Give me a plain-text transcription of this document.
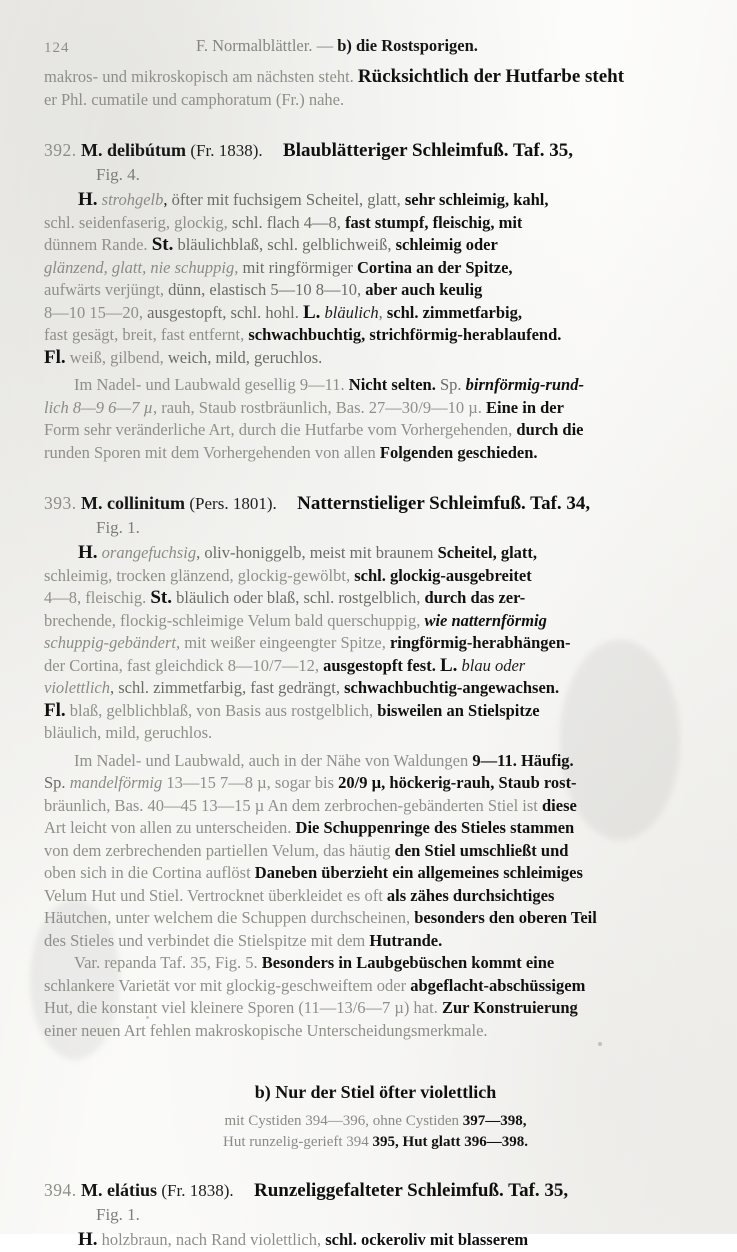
124	F. Normalblättler. — b) die Rostsporigen.

makros- und mikroskopisch am nächsten steht. Rücksichtlich der Hutfarbe steht

er Phl. cumatile und camphoratum (Fr.) nahe.

392. M. delibútum (Fr. 1838). Blaublätteriger Schleimfuß. Taf. 35,
Fig. 4.

H. strohgelb, öfter mit fuchsigem Scheitel, glatt, sehr schleimig, kahl,

schl. seidenfaserig, glockig, schl. flach 4—8, fast stumpf, fleischig, mit

dünnem Rande. St. bläulichblaß, schl. gelblichweiß, schleimig oder

glänzend, glatt, nie schuppig, mit ringförmiger Cortina an der Spitze,

aufwärts verjüngt, dünn, elastisch 5—10 8—10, aber auch keulig

8—10 15—20, ausgestopft, schl. hohl. L. bläulich, schl. zimmetfarbig,

fast gesägt, breit, fast entfernt, schwachbuchtig, strichförmig-herablaufend.

Fl. weiß, gilbend, weich, mild, geruchlos.

Im Nadel- und Laubwald gesellig 9—11. Nicht selten. Sp. birnförmig-rund-

lich 8—9 6—7 µ, rauh, Staub rostbräunlich, Bas. 27—30/9—10 µ. Eine in der

Form sehr veränderliche Art, durch die Hutfarbe vom Vorhergehenden, durch die

runden Sporen mit dem Vorhergehenden von allen Folgenden geschieden.

393. M. collinitum (Pers. 1801). Natternstieliger Schleimfuß. Taf. 34,
Fig. 1.

H. orangefuchsig, oliv-honiggelb, meist mit braunem Scheitel, glatt,

schleimig, trocken glänzend, glockig-gewölbt, schl. glockig-ausgebreitet

4—8, fleischig. St. bläulich oder blaß, schl. rostgelblich, durch das zer-

brechende, flockig-schleimige Velum bald querschuppig, wie natternförmig

schuppig-gebändert, mit weißer eingeengter Spitze, ringförmig-herabhängen-

der Cortina, fast gleichdick 8—10/7—12, ausgestopft fest. L. blau oder

violettlich, schl. zimmetfarbig, fast gedrängt, schwachbuchtig-angewachsen.

Fl. blaß, gelblichblaß, von Basis aus rostgelblich, bisweilen an Stielspitze

bläulich, mild, geruchlos.

Im Nadel- und Laubwald, auch in der Nähe von Waldungen 9—11. Häufig.

Sp. mandelförmig 13—15 7—8 µ, sogar bis 20/9 µ, höckerig-rauh, Staub rost-

bräunlich, Bas. 40—45 13—15 µ An dem zerbrochen-gebänderten Stiel ist diese

Art leicht von allen zu unterscheiden. Die Schuppenringe des Stieles stammen

von dem zerbrechenden partiellen Velum, das häutig den Stiel umschließt und

oben sich in die Cortina auflöst Daneben überzieht ein allgemeines schleimiges

Velum Hut und Stiel. Vertrocknet überkleidet es oft als zähes durchsichtiges

Häutchen, unter welchem die Schuppen durchscheinen, besonders den oberen Teil

des Stieles und verbindet die Stielspitze mit dem Hutrande.

Var. repanda Taf. 35, Fig. 5. Besonders in Laubgebüschen kommt eine

schlankere Varietät vor mit glockig-geschweiftem oder abgeflacht-abschüssigem

Hut, die konstant viel kleinere Sporen (11—13/6—7 µ) hat. Zur Konstruierung

einer neuen Art fehlen makroskopische Unterscheidungsmerkmale.

b) Nur der Stiel öfter violettlich
mit Cystiden 394—396, ohne Cystiden 397—398,
Hut runzelig-gerieft 394 395, Hut glatt 396—398.
394. M. elátius (Fr. 1838). Runzeliggefalteter Schleimfuß. Taf. 35,
Fig. 1.

H. holzbraun, nach Rand violettlich, schl. ockeroliv mit blasserem
